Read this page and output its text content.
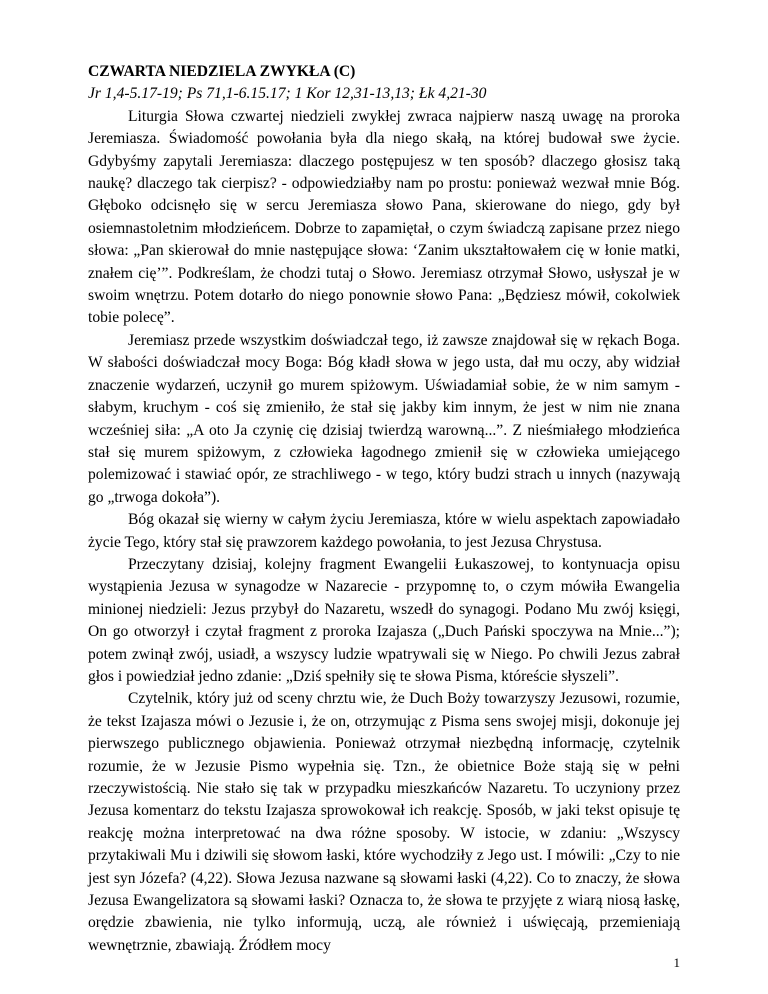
CZWARTA NIEDZIELA ZWYKŁA (C)

Jr 1,4-5.17-19; Ps 71,1-6.15.17; 1 Kor 12,31-13,13; Łk 4,21-30

Liturgia Słowa czwartej niedzieli zwykłej zwraca najpierw naszą uwagę na proroka Jeremiasza. Świadomość powołania była dla niego skałą, na której budował swe życie. Gdybyśmy zapytali Jeremiasza: dlaczego postępujesz w ten sposób? dlaczego głosisz taką naukę? dlaczego tak cierpisz? - odpowiedziałby nam po prostu: ponieważ wezwał mnie Bóg. Głęboko odcisnęło się w sercu Jeremiasza słowo Pana, skierowane do niego, gdy był osiemnastoletnim młodzieńcem. Dobrze to zapamiętał, o czym świadczą zapisane przez niego słowa: „Pan skierował do mnie następujące słowa: ‘Zanim ukształtowałem cię w łonie matki, znałem cię’”. Podkreślam, że chodzi tutaj o Słowo. Jeremiasz otrzymał Słowo, usłyszał je w swoim wnętrzu. Potem dotarło do niego ponownie słowo Pana: „Będziesz mówił, cokolwiek tobie polecę”.

Jeremiasz przede wszystkim doświadczał tego, iż zawsze znajdował się w rękach Boga. W słabości doświadczał mocy Boga: Bóg kładł słowa w jego usta, dał mu oczy, aby widział znaczenie wydarzeń, uczynił go murem spiżowym. Uświadamiał sobie, że w nim samym - słabym, kruchym - coś się zmieniło, że stał się jakby kim innym, że jest w nim nie znana wcześniej siła: „A oto Ja czynię cię dzisiaj twierdzą warowną...”. Z nieśmiałego młodzieńca stał się murem spiżowym, z człowieka łagodnego zmienił się w człowieka umiejącego polemizować i stawiać opór, ze strachliwego - w tego, który budzi strach u innych (nazywają go „trwoga dokoła”).

Bóg okazał się wierny w całym życiu Jeremiasza, które w wielu aspektach zapowiadało życie Tego, który stał się prawzorem każdego powołania, to jest Jezusa Chrystusa.

Przeczytany dzisiaj, kolejny fragment Ewangelii Łukaszowej, to kontynuacja opisu wystąpienia Jezusa w synagodze w Nazarecie - przypomnę to, o czym mówiła Ewangelia minionej niedzieli: Jezus przybył do Nazaretu, wszedł do synagogi. Podano Mu zwój księgi, On go otworzył i czytał fragment z proroka Izajasza („Duch Pański spoczywa na Mnie...”); potem zwinął zwój, usiadł, a wszyscy ludzie wpatrywali się w Niego. Po chwili Jezus zabrał głos i powiedział jedno zdanie: „Dziś spełniły się te słowa Pisma, któreście słyszeli”.

Czytelnik, który już od sceny chrztu wie, że Duch Boży towarzyszy Jezusowi, rozumie, że tekst Izajasza mówi o Jezusie i, że on, otrzymując z Pisma sens swojej misji, dokonuje jej pierwszego publicznego objawienia. Ponieważ otrzymał niezbędną informację, czytelnik rozumie, że w Jezusie Pismo wypełnia się. Tzn., że obietnice Boże stają się w pełni rzeczywistością. Nie stało się tak w przypadku mieszkańców Nazaretu. To uczyniony przez Jezusa komentarz do tekstu Izajasza sprowokował ich reakcję. Sposób, w jaki tekst opisuje tę reakcję można interpretować na dwa różne sposoby. W istocie, w zdaniu: „Wszyscy przytakiwali Mu i dziwili się słowom łaski, które wychodziły z Jego ust. I mówili: „Czy to nie jest syn Józefa? (4,22). Słowa Jezusa nazwane są słowami łaski (4,22). Co to znaczy, że słowa Jezusa Ewangelizatora są słowami łaski? Oznacza to, że słowa te przyjęte z wiarą niosą łaskę, orędzie zbawienia, nie tylko informują, uczą, ale również i uświęcają, przemieniają wewnętrznie, zbawiają. Źródłem mocy

1
